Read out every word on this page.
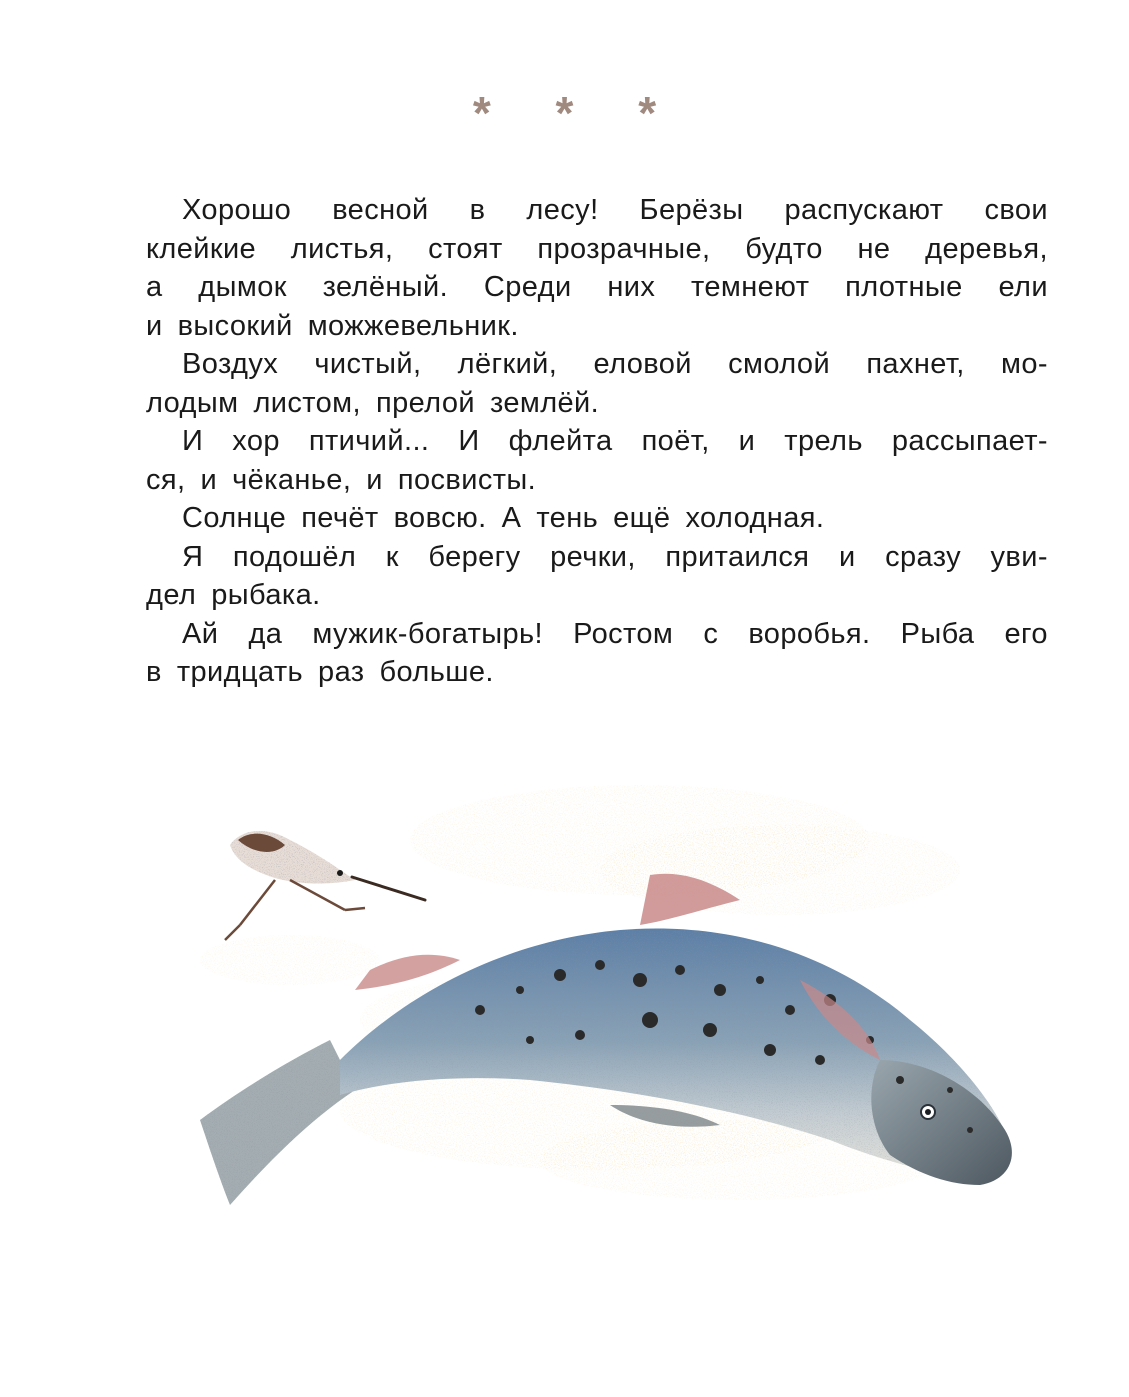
* * *
Хорошо весной в лесу! Берёзы распускают свои
клейкие листья, стоят прозрачные, будто не деревья,
а дымок зелёный. Среди них темнеют плотные ели
и высокий можжевельник.
Воздух чистый, лёгкий, еловой смолой пахнет, мо-
лодым листом, прелой землёй.
И хор птичий... И флейта поёт, и трель рассыпает-
ся, и чёканье, и посвисты.
Солнце печёт вовсю. А тень ещё холодная.
Я подошёл к берегу речки, притаился и сразу уви-
дел рыбака.
Ай да мужик-богатырь! Ростом с воробья. Рыба его
в тридцать раз больше.
